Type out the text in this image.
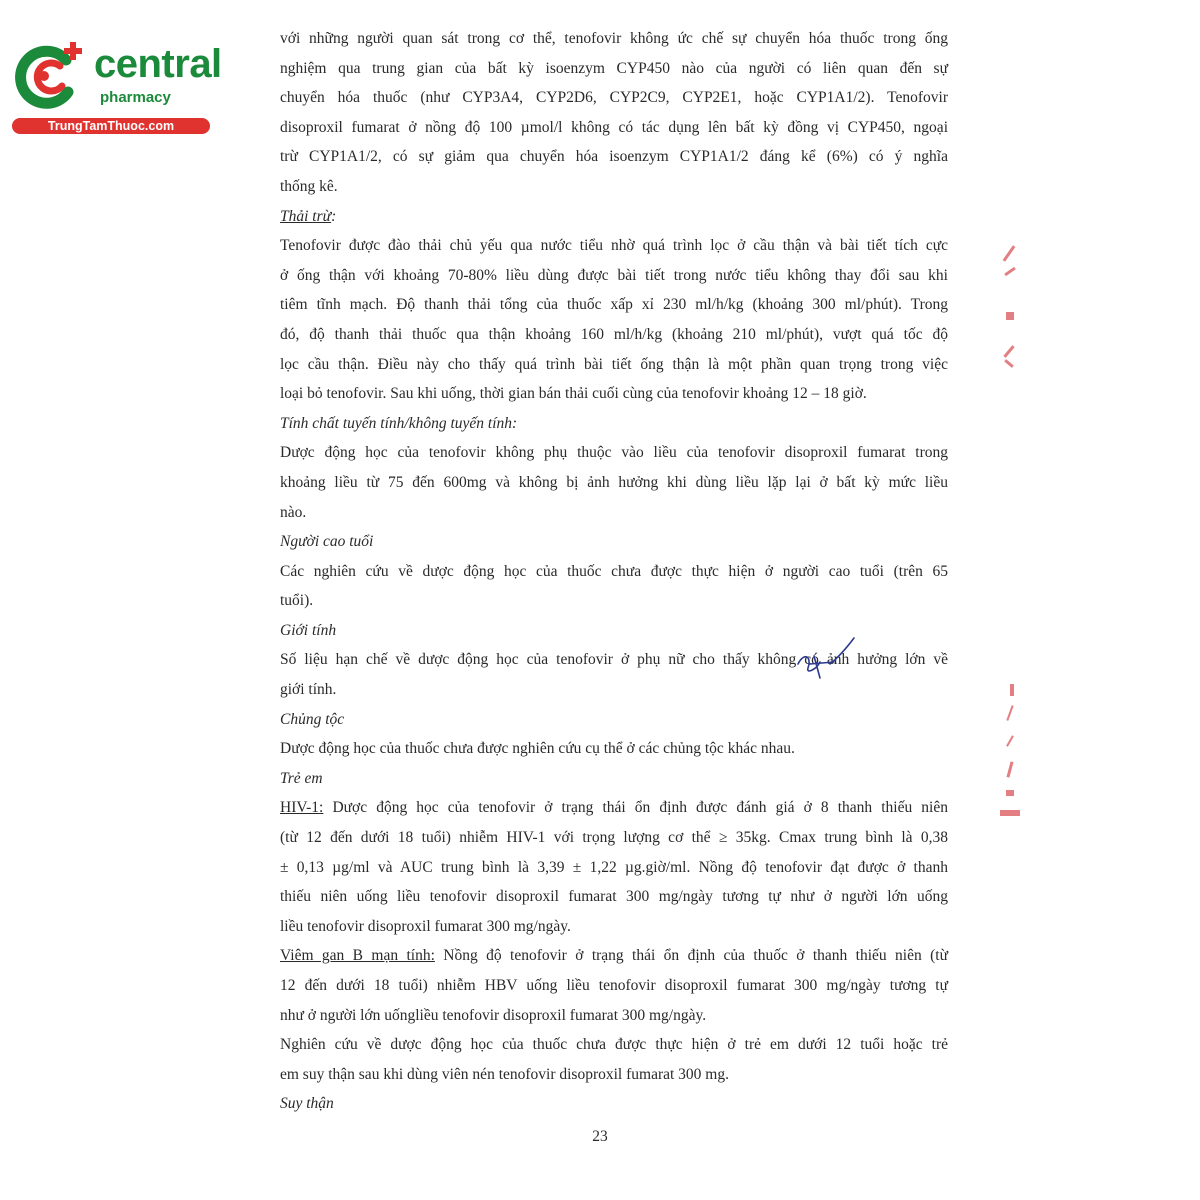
central
pharmacy
TrungTamThuoc.com
với những người quan sát trong cơ thể, tenofovir không ức chế sự chuyển hóa thuốc trong ống
nghiệm qua trung gian của bất kỳ isoenzym CYP450 nào của người có liên quan đến sự
chuyển hóa thuốc (như CYP3A4, CYP2D6, CYP2C9, CYP2E1, hoặc CYP1A1/2). Tenofovir
disoproxil fumarat ở nồng độ 100 µmol/l không có tác dụng lên bất kỳ đồng vị CYP450, ngoại
trừ CYP1A1/2, có sự giảm qua chuyển hóa isoenzym CYP1A1/2 đáng kể (6%) có ý nghĩa
thống kê.
Thải trừ:
Tenofovir được đào thải chủ yếu qua nước tiểu nhờ quá trình lọc ở cầu thận và bài tiết tích cực
ở ống thận với khoảng 70-80% liều dùng được bài tiết trong nước tiểu không thay đổi sau khi
tiêm tĩnh mạch. Độ thanh thải tổng của thuốc xấp xỉ 230 ml/h/kg (khoảng 300 ml/phút). Trong
đó, độ thanh thải thuốc qua thận khoảng 160 ml/h/kg (khoảng 210 ml/phút), vượt quá tốc độ
lọc cầu thận. Điều này cho thấy quá trình bài tiết ống thận là một phần quan trọng trong việc
loại bỏ tenofovir. Sau khi uống, thời gian bán thải cuối cùng của tenofovir khoảng 12 – 18 giờ.
Tính chất tuyến tính/không tuyến tính:
Dược động học của tenofovir không phụ thuộc vào liều của tenofovir disoproxil fumarat trong
khoảng liều từ 75 đến 600mg và không bị ảnh hưởng khi dùng liều lặp lại ở bất kỳ mức liều
nào.
Người cao tuổi
Các nghiên cứu về dược động học của thuốc chưa được thực hiện ở người cao tuổi (trên 65
tuổi).
Giới tính
Số liệu hạn chế về dược động học của tenofovir ở phụ nữ cho thấy không có ảnh hưởng lớn về
giới tính.
Chủng tộc
Dược động học của thuốc chưa được nghiên cứu cụ thể ở các chủng tộc khác nhau.
Trẻ em
HIV-1: Dược động học của tenofovir ở trạng thái ổn định được đánh giá ở 8 thanh thiếu niên
(từ 12 đến dưới 18 tuổi) nhiễm HIV-1 với trọng lượng cơ thể ≥ 35kg. Cmax trung bình là 0,38
± 0,13 µg/ml và AUC trung bình là 3,39 ± 1,22 µg.giờ/ml. Nồng độ tenofovir đạt được ở thanh
thiếu niên uống liều tenofovir disoproxil fumarat 300 mg/ngày tương tự như ở người lớn uống
liều tenofovir disoproxil fumarat 300 mg/ngày.
Viêm gan B mạn tính: Nồng độ tenofovir ở trạng thái ổn định của thuốc ở thanh thiếu niên (từ
12 đến dưới 18 tuổi) nhiễm HBV uống liều tenofovir disoproxil fumarat 300 mg/ngày tương tự
như ở người lớn uốngliều tenofovir disoproxil fumarat 300 mg/ngày.
Nghiên cứu về dược động học của thuốc chưa được thực hiện ở trẻ em dưới 12 tuổi hoặc trẻ
em suy thận sau khi dùng viên nén tenofovir disoproxil fumarat 300 mg.
Suy thận
23
